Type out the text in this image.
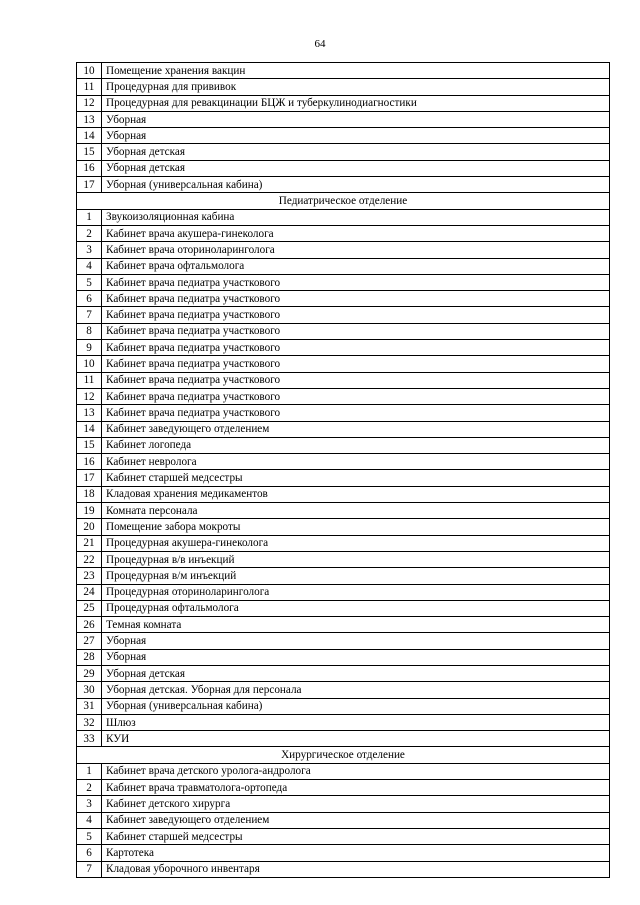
64
10	Помещение хранения вакцин
11	Процедурная для прививок
12	Процедурная для ревакцинации БЦЖ и туберкулинодиагностики
13	Уборная
14	Уборная
15	Уборная детская
16	Уборная детская
17	Уборная (универсальная кабина)
Педиатрическое отделение	
1	Звукоизоляционная кабина
2	Кабинет врача акушера-гинеколога
3	Кабинет врача оториноларинголога
4	Кабинет врача офтальмолога
5	Кабинет врача педиатра участкового
6	Кабинет врача педиатра участкового
7	Кабинет врача педиатра участкового
8	Кабинет врача педиатра участкового
9	Кабинет врача педиатра участкового
10	Кабинет врача педиатра участкового
11	Кабинет врача педиатра участкового
12	Кабинет врача педиатра участкового
13	Кабинет врача педиатра участкового
14	Кабинет заведующего отделением
15	Кабинет логопеда
16	Кабинет невролога
17	Кабинет старшей медсестры
18	Кладовая хранения медикаментов
19	Комната персонала
20	Помещение забора мокроты
21	Процедурная акушера-гинеколога
22	Процедурная в/в инъекций
23	Процедурная в/м инъекций
24	Процедурная оториноларинголога
25	Процедурная офтальмолога
26	Темная комната
27	Уборная
28	Уборная
29	Уборная детская
30	Уборная детская. Уборная для персонала
31	Уборная (универсальная кабина)
32	Шлюз
33	КУИ
Хирургическое отделение	
1	Кабинет врача детского уролога-андролога
2	Кабинет врача травматолога-ортопеда
3	Кабинет детского хирурга
4	Кабинет заведующего отделением
5	Кабинет старшей медсестры
6	Картотека
7	Кладовая уборочного инвентаря
